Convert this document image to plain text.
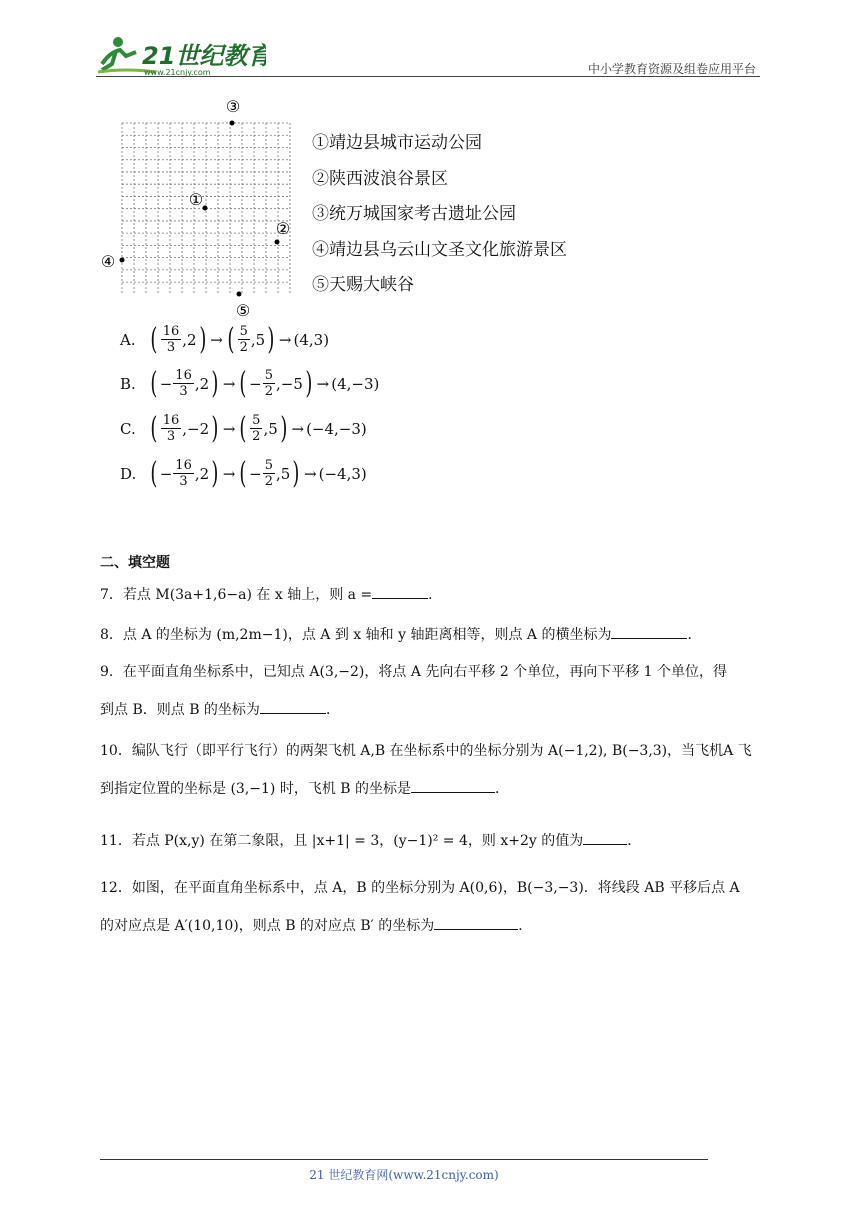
21世纪教育
www.21cnjy.com	中小学教育资源及组卷应用平台
③
①
②
④
⑤
①靖边县城市运动公园
②陕西波浪谷景区
③统万城国家考古遗址公园
④靖边县乌云山文圣文化旅游景区
⑤天赐大峡谷
A. ( $\frac{16}{3} ,2$ ) → ( $\frac{5}{2} ,5$ ) → (4,3)
B. ( − $\frac{16}{3} ,2$ ) → ( − $\frac{5}{2} ,-5$ ) → (4,−3)
C. ( $\frac{16}{3} ,-2$ ) → ( $\frac{5}{2} ,5$ ) → (−4,−3)
D. ( − $\frac{16}{3} ,2$ ) → ( − $\frac{5}{2} ,5$ ) → (−4,3)
二、填空题
7．若点 M(3a+1,6−a) 在 x 轴上，则 a =	．
8．点 A 的坐标为 (m,2m−1)，点 A 到 x 轴和 y 轴距离相等，则点 A 的横坐标为	．
9．在平面直角坐标系中，已知点 A(3,−2)，将点 A 先向右平移 2 个单位，再向下平移 1 个单位，得
到点 B．则点 B 的坐标为	．
10．编队飞行（即平行飞行）的两架飞机 A,B 在坐标系中的坐标分别为 A(−1,2), B(−3,3)，当飞机A 飞
到指定位置的坐标是 (3,−1) 时，飞机 B 的坐标是	．
11．若点 P(x,y) 在第二象限，且 |x+1| = 3，(y−1)² = 4，则 x+2y 的值为	．
12．如图，在平面直角坐标系中，点 A，B 的坐标分别为 A(0,6)，B(−3,−3)．将线段 AB 平移后点 A
的对应点是 A′(10,10)，则点 B 的对应点 B′ 的坐标为	．
21 世纪教育网(www.21cnjy.com)
